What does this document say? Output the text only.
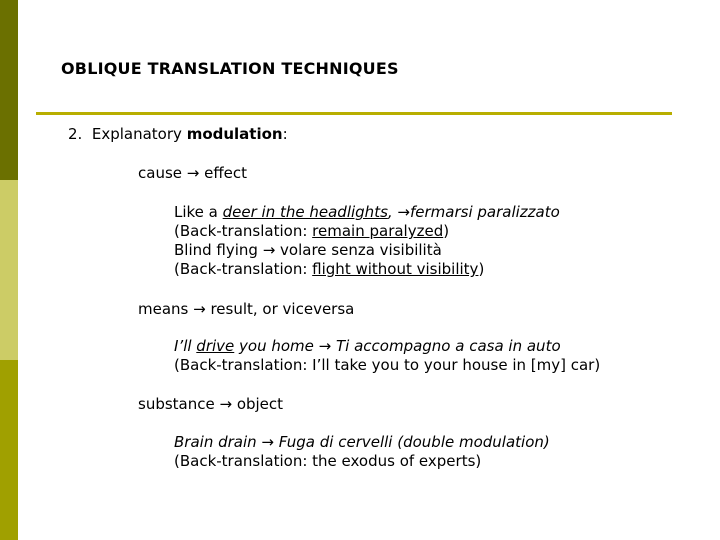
OBLIQUE TRANSLATION TECHNIQUES
2. Explanatory modulation:
cause → effect
Like a deer in the headlights, →fermarsi paralizzato
(Back-translation: remain paralyzed)
Blind flying → volare senza visibilità
(Back-translation: flight without visibility)
means → result, or viceversa
I’ll drive you home → Ti accompagno a casa in auto
(Back-translation: I’ll take you to your house in [my] car)
substance → object
Brain drain → Fuga di cervelli (double modulation)
(Back-translation: the exodus of experts)
